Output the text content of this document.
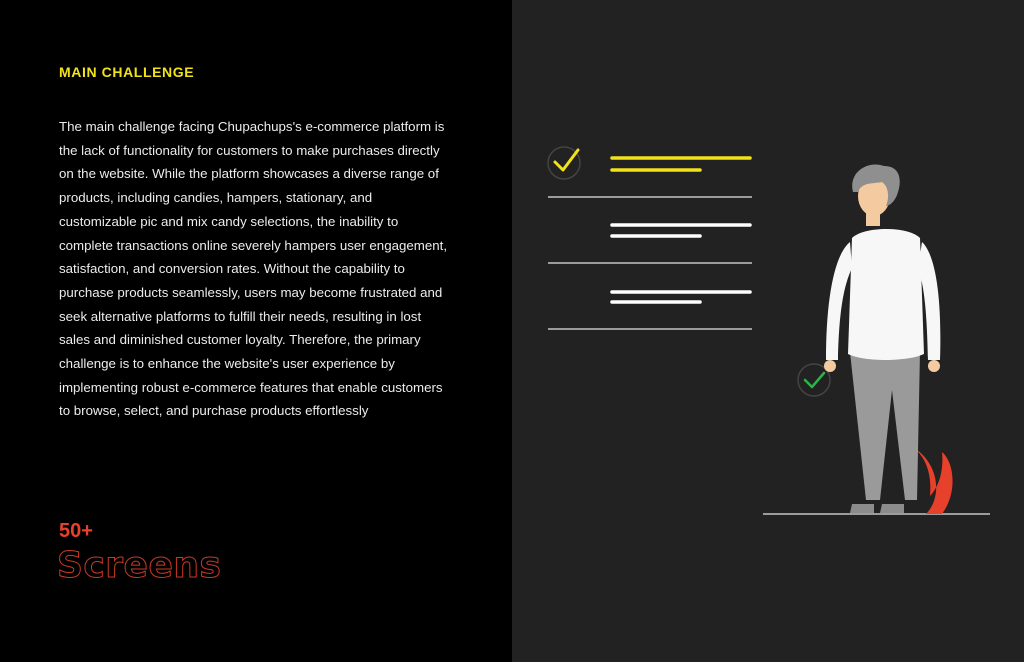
MAIN CHALLENGE

The main challenge facing Chupachups's e-commerce platform is the lack of functionality for customers to make purchases directly on the website. While the platform showcases a diverse range of products, including candies, hampers, stationary, and customizable pic and mix candy selections, the inability to complete transactions online severely hampers user engagement, satisfaction, and conversion rates. Without the capability to purchase products seamlessly, users may become frustrated and seek alternative platforms to fulfill their needs, resulting in lost sales and diminished customer loyalty. Therefore, the primary challenge is to enhance the website's user experience by implementing robust e-commerce features that enable customers to browse, select, and purchase products effortlessly

50+
Screens
